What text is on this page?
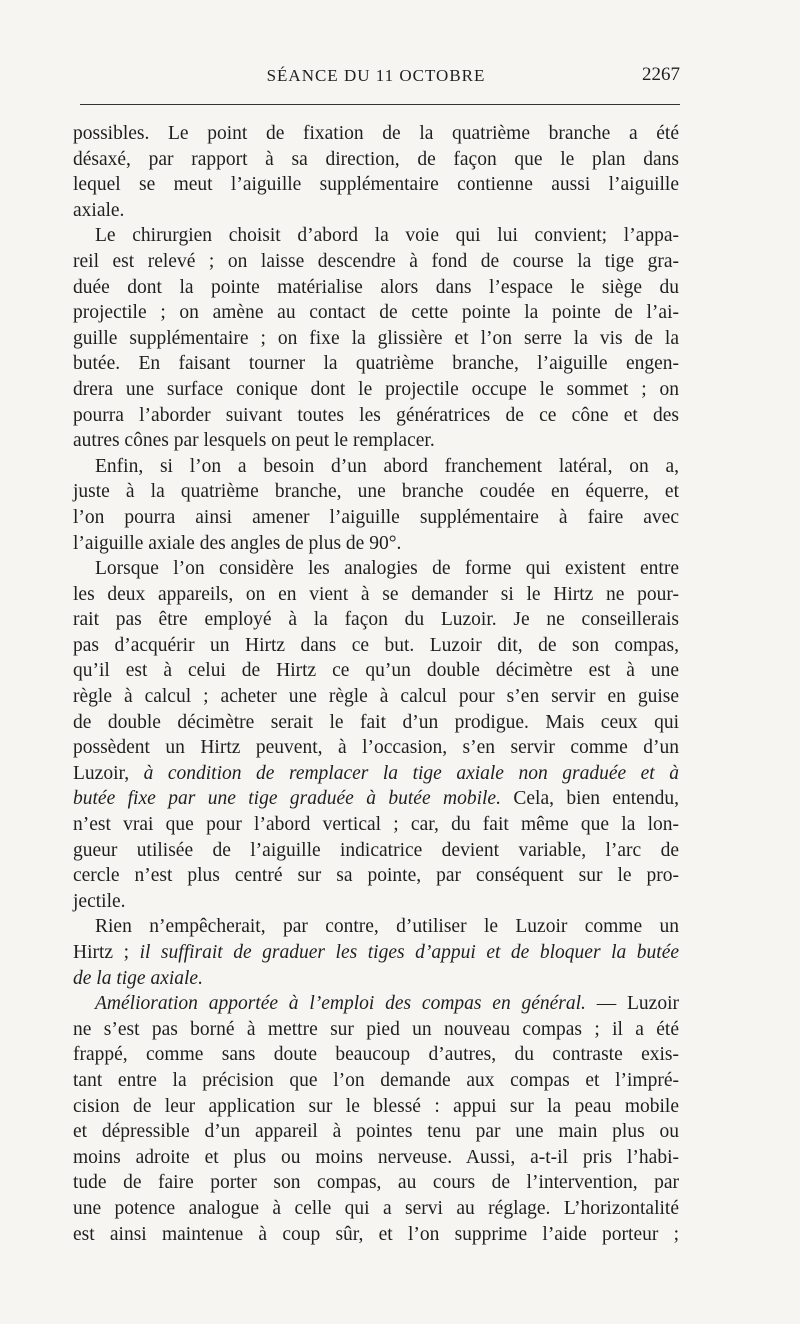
SÉANCE DU 11 OCTOBRE	2267
possibles. Le point de fixation de la quatrième branche a été
désaxé, par rapport à sa direction, de façon que le plan dans
lequel se meut l’aiguille supplémentaire contienne aussi l’aiguille
axiale.
Le chirurgien choisit d’abord la voie qui lui convient; l’appa-
reil est relevé ; on laisse descendre à fond de course la tige gra-
duée dont la pointe matérialise alors dans l’espace le siège du
projectile ; on amène au contact de cette pointe la pointe de l’ai-
guille supplémentaire ; on fixe la glissière et l’on serre la vis de la
butée. En faisant tourner la quatrième branche, l’aiguille engen-
drera une surface conique dont le projectile occupe le sommet ; on
pourra l’aborder suivant toutes les génératrices de ce cône et des
autres cônes par lesquels on peut le remplacer.
Enfin, si l’on a besoin d’un abord franchement latéral, on a,
juste à la quatrième branche, une branche coudée en équerre, et
l’on pourra ainsi amener l’aiguille supplémentaire à faire avec
l’aiguille axiale des angles de plus de 90°.
Lorsque l’on considère les analogies de forme qui existent entre
les deux appareils, on en vient à se demander si le Hirtz ne pour-
rait pas être employé à la façon du Luzoir. Je ne conseillerais
pas d’acquérir un Hirtz dans ce but. Luzoir dit, de son compas,
qu’il est à celui de Hirtz ce qu’un double décimètre est à une
règle à calcul ; acheter une règle à calcul pour s’en servir en guise
de double décimètre serait le fait d’un prodigue. Mais ceux qui
possèdent un Hirtz peuvent, à l’occasion, s’en servir comme d’un
Luzoir, à condition de remplacer la tige axiale non graduée et à
butée fixe par une tige graduée à butée mobile. Cela, bien entendu,
n’est vrai que pour l’abord vertical ; car, du fait même que la lon-
gueur utilisée de l’aiguille indicatrice devient variable, l’arc de
cercle n’est plus centré sur sa pointe, par conséquent sur le pro-
jectile.
Rien n’empêcherait, par contre, d’utiliser le Luzoir comme un
Hirtz ; il suffirait de graduer les tiges d’appui et de bloquer la butée
de la tige axiale.
Amélioration apportée à l’emploi des compas en général. — Luzoir
ne s’est pas borné à mettre sur pied un nouveau compas ; il a été
frappé, comme sans doute beaucoup d’autres, du contraste exis-
tant entre la précision que l’on demande aux compas et l’impré-
cision de leur application sur le blessé : appui sur la peau mobile
et dépressible d’un appareil à pointes tenu par une main plus ou
moins adroite et plus ou moins nerveuse. Aussi, a-t-il pris l’habi-
tude de faire porter son compas, au cours de l’intervention, par
une potence analogue à celle qui a servi au réglage. L’horizontalité
est ainsi maintenue à coup sûr, et l’on supprime l’aide porteur ;
